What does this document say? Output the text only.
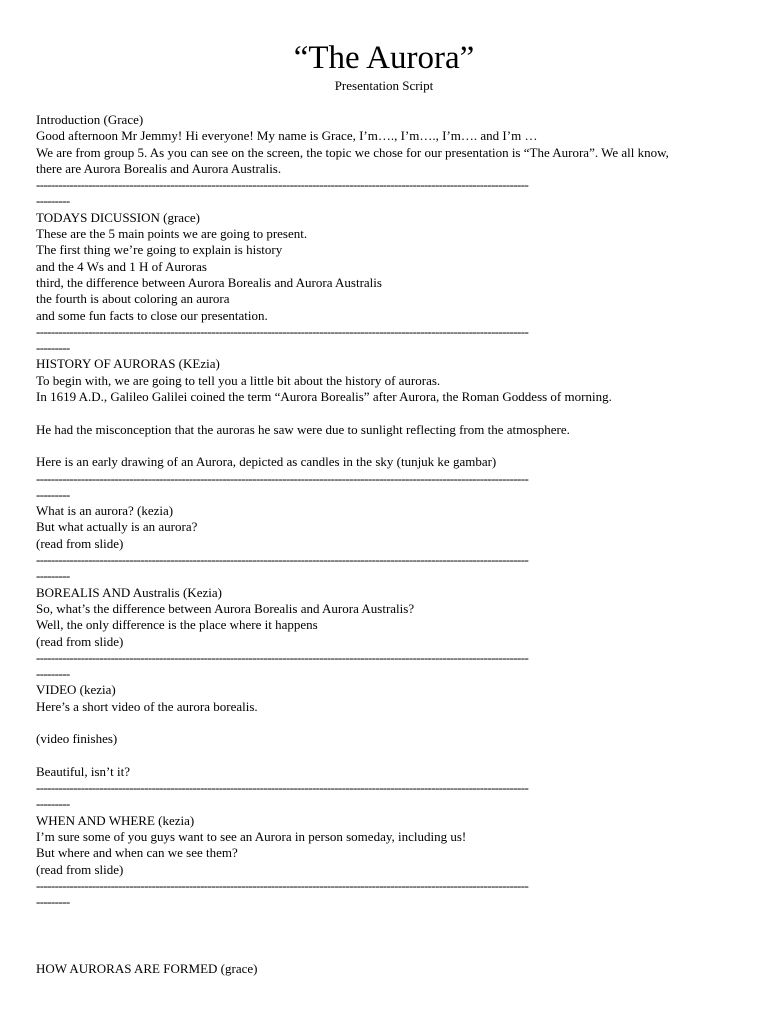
“The Aurora”
Presentation Script
Introduction (Grace)
Good afternoon Mr Jemmy! Hi everyone! My name is Grace, I’m…., I’m…., I’m…. and I’m …
We are from group 5. As you can see on the screen, the topic we chose for our presentation is “The Aurora”. We all know,
there are Aurora Borealis and Aurora Australis.
------------------------------------------------------------------------------------------------------------------------------------
---------
TODAYS DICUSSION (grace)
These are the 5 main points we are going to present.
The first thing we’re going to explain is history
and the 4 Ws and 1 H of Auroras
third, the difference between Aurora Borealis and Aurora Australis
the fourth is about coloring an aurora
and some fun facts to close our presentation.
------------------------------------------------------------------------------------------------------------------------------------
---------
HISTORY OF AURORAS (KEzia)
To begin with, we are going to tell you a little bit about the history of auroras.
In 1619 A.D., Galileo Galilei coined the term “Aurora Borealis” after Aurora, the Roman Goddess of morning.
He had the misconception that the auroras he saw were due to sunlight reflecting from the atmosphere.
Here is an early drawing of an Aurora, depicted as candles in the sky (tunjuk ke gambar)
------------------------------------------------------------------------------------------------------------------------------------
---------
What is an aurora? (kezia)
But what actually is an aurora?
(read from slide)
------------------------------------------------------------------------------------------------------------------------------------
---------
BOREALIS AND Australis (Kezia)
So, what’s the difference between Aurora Borealis and Aurora Australis?
Well, the only difference is the place where it happens
(read from slide)
------------------------------------------------------------------------------------------------------------------------------------
---------
VIDEO (kezia)
Here’s a short video of the aurora borealis.
(video finishes)
Beautiful, isn’t it?
------------------------------------------------------------------------------------------------------------------------------------
---------
WHEN AND WHERE (kezia)
I’m sure some of you guys want to see an Aurora in person someday, including us!
But where and when can we see them?
(read from slide)
------------------------------------------------------------------------------------------------------------------------------------
---------
HOW AURORAS ARE FORMED (grace)
